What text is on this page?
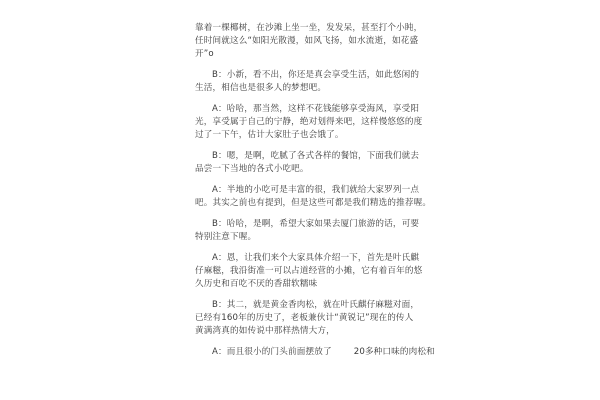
靠着一棵椰树，在沙滩上坐一坐，发发呆，甚至打个小盹，
任时间就这么“如阳光散漫，如风飞扬，如水流逝，如花盛
开”o
B：小新，看不出，你还是真会享受生活，如此悠闲的
生活，相信也是很多人的梦想吧。
A：哈哈，那当然，这样不花钱能够享受海风，享受阳
光，享受属于自己的宁静，绝对划得来吧，这样慢悠悠的度
过了一下午，估计大家肚子也会饿了。
B：嗯，是啊，吃腻了各式各样的餐馆，下面我们就去
品尝一下当地的各式小吃吧。
A：半地的小吃可是丰富的很，我们就给大家罗列一点
吧。其实之前也有提到，但是这些可都是我们精选的推荐喔。
B：哈哈，是啊，希望大家如果去厦门旅游的话，可要
特别注意下喔。
A：恩，让我们来个大家具体介绍一下，首先是叶氏麒
仔麻糍，我沿街准一可以占道经营的小摊，它有着百年的悠
久历史和百吃不厌的香甜软糯味
B：其二，就是黄金香肉松，就在叶氏麒仔麻糍对面，
已经有160年的历史了，老板兼伙计“黄锐记”现在的传人
黄满湾真的如传说中那样热情大方，
A：而且很小的门头前面摆放了	20多种口味的肉松和
